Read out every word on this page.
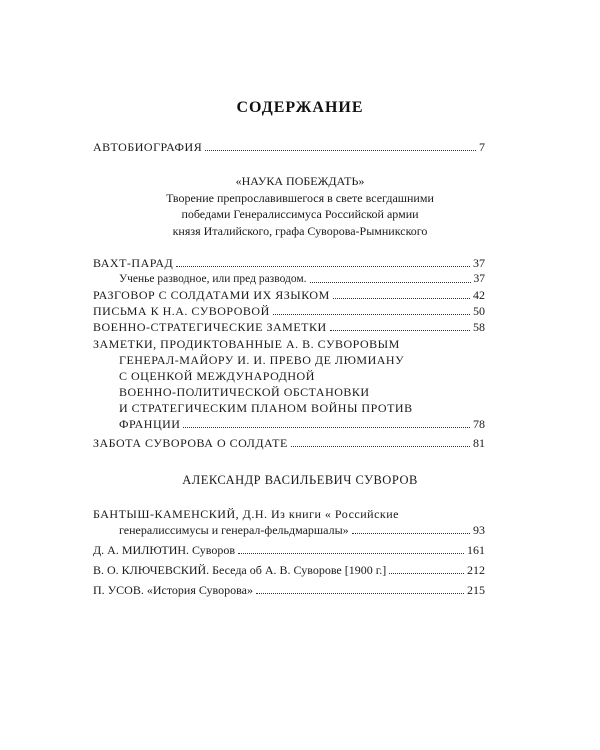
СОДЕРЖАНИЕ
АВТОБИОГРАФИЯ	7
«НАУКА ПОБЕЖДАТЬ»
Творение препрославившегося в свете всегдашними
победами Генералиссимуса Российской армии
князя Италийского, графа Суворова-Рымникского
ВАХТ-ПАРАД	37
Ученье разводное, или пред разводом.	37
РАЗГОВОР С СОЛДАТАМИ ИХ ЯЗЫКОМ	42
ПИСЬМА К Н.А. СУВОРОВОЙ	50
ВОЕННО-СТРАТЕГИЧЕСКИЕ ЗАМЕТКИ	58
ЗАМЕТКИ, ПРОДИКТОВАННЫЕ А. В. СУВОРОВЫМ
ГЕНЕРАЛ-МАЙОРУ И. И. ПРЕВО ДЕ ЛЮМИАНУ
С ОЦЕНКОЙ МЕЖДУНАРОДНОЙ
ВОЕННО-ПОЛИТИЧЕСКОЙ ОБСТАНОВКИ
И СТРАТЕГИЧЕСКИМ ПЛАНОМ ВОЙНЫ ПРОТИВ
ФРАНЦИИ	78
ЗАБОТА СУВОРОВА О СОЛДАТЕ	81
АЛЕКСАНДР ВАСИЛЬЕВИЧ СУВОРОВ
БАНТЫШ-КАМЕНСКИЙ, Д.Н. Из книги « Российские
генералиссимусы и генерал-фельдмаршалы»	93
Д. А. МИЛЮТИН. Суворов	161
В. О. КЛЮЧЕВСКИЙ. Беседа об А. В. Суворове [1900 г.]	212
П. УСОВ. «История Суворова»	215
